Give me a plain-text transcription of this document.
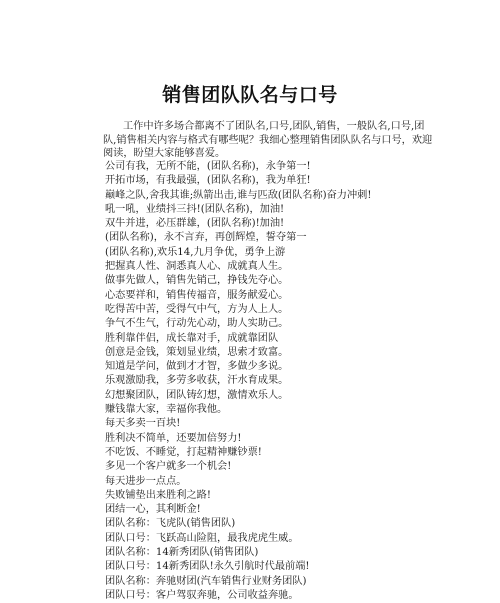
销售团队队名与口号

工作中许多场合都离不了团队名,口号,团队,销售，一般队名,口号,团队,销售相关内容与格式有哪些呢？我细心整理销售团队队名与口号，欢迎阅读，盼望大家能够喜爱。

公司有我，无所不能，(团队名称)，永争第一!
开拓市场，有我最强，(团队名称)，我为单狂!
巅峰之队,舍我其谁;纵箭出击,谁与匹敌(团队名称)奋力冲刺!
吼一吼，业绩抖三抖!(团队名称)，加油!
双牛并进，必压群雄，(团队名称)!加油!
(团队名称)，永不言弃，再创辉煌，誓夺第一
(团队名称),欢乐14,九月争优，勇争上游
把握真人性、洞悉真人心、成就真人生。
做事先做人，销售先销己，挣钱先夺心。
心态要祥和，销售传福音，服务献爱心。
吃得苦中苦，受得气中气，方为人上人。
争气不生气，行动先心动，助人实助己。
胜利靠伴侣，成长靠对手，成就靠团队
创意是金钱，策划显业绩，思索才致富。
知道是学问，做到才才智，多做少多说。
乐观激励我，多劳多收获，汗水育成果。
幻想聚团队，团队铸幻想，激情欢乐人。
赚钱靠大家，幸福你我他。
每天多卖一百块!
胜利决不简单，还要加倍努力!
不吃饭、不睡觉，打起精神赚钞票!
多见一个客户就多一个机会!
每天进步一点点。
失败铺垫出来胜利之路!
团结一心，其利断金!
团队名称：飞虎队(销售团队)
团队口号：飞跃高山险阻，最我虎虎生威。
团队名称：14新秀团队(销售团队)
团队口号：14新秀团队!永久引航时代最前端!
团队名称：奔驰财团(汽车销售行业财务团队)
团队口号：客户驾驭奔驰，公司收益奔驰。
